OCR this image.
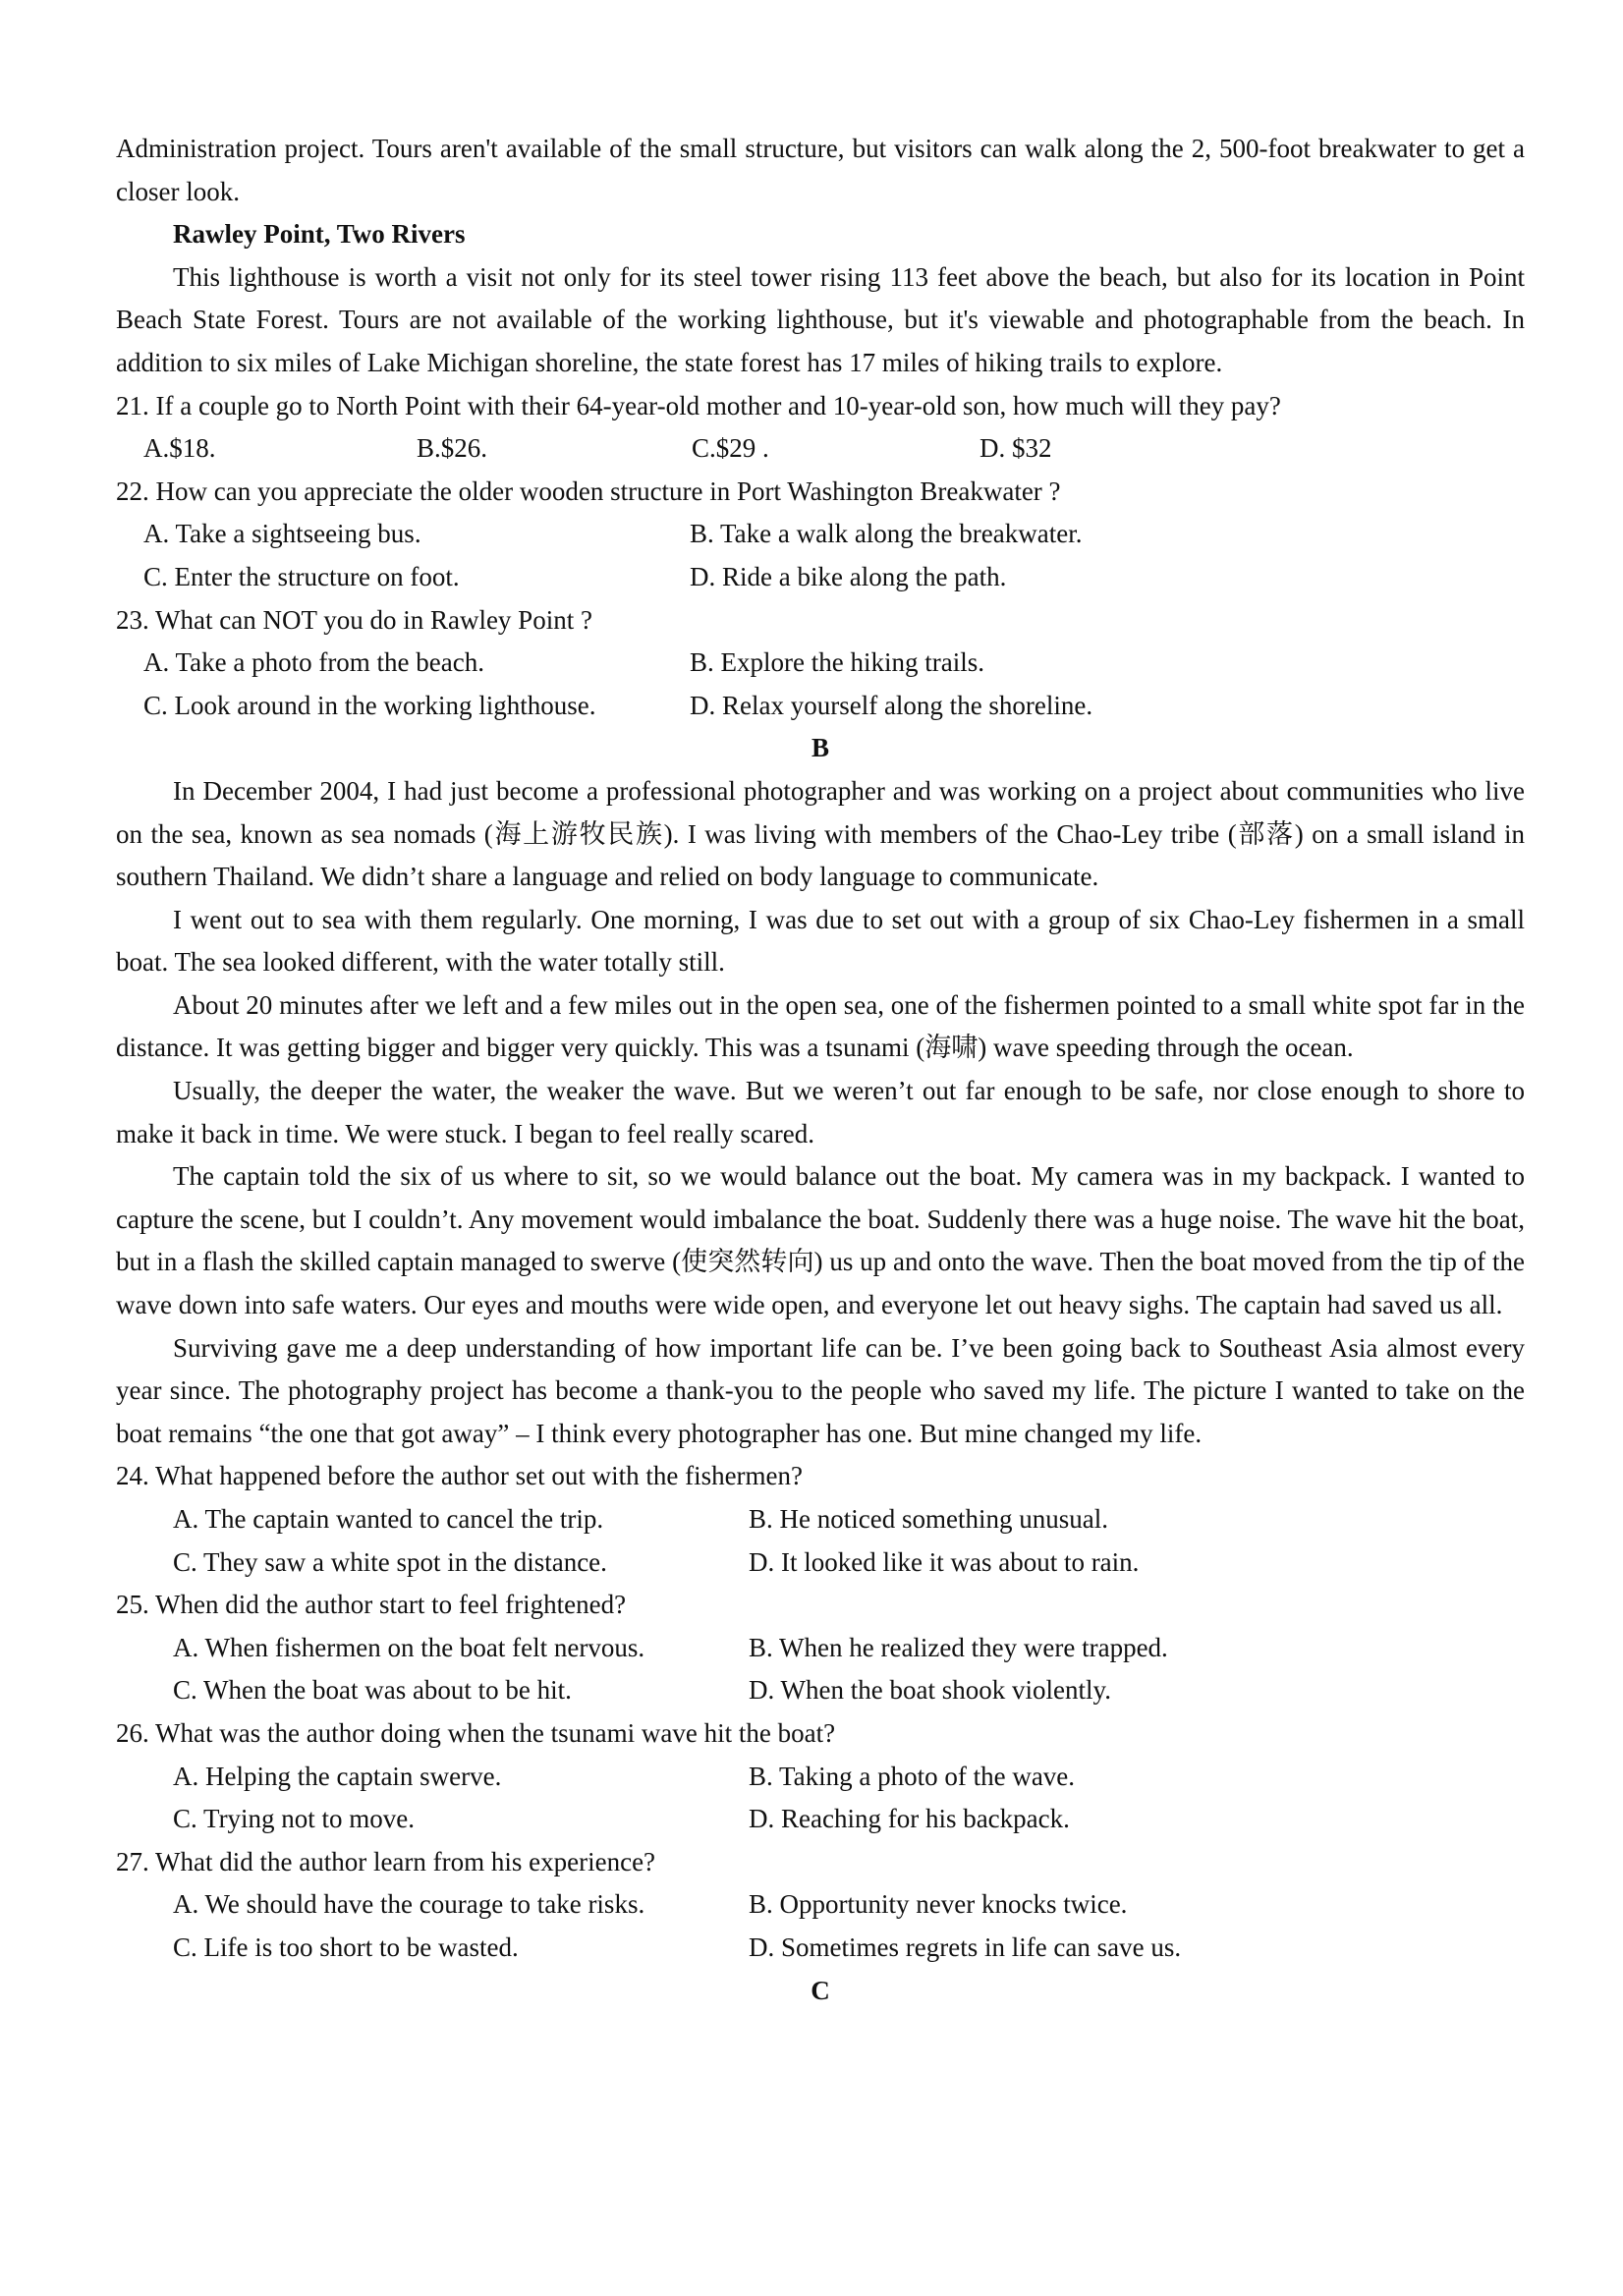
Administration project. Tours aren't available of the small structure, but visitors can walk along the 2, 500-foot breakwater to get a closer look.

Rawley Point, Two Rivers

This lighthouse is worth a visit not only for its steel tower rising 113 feet above the beach, but also for its location in Point Beach State Forest. Tours are not available of the working lighthouse, but it's viewable and photographable from the beach. In addition to six miles of Lake Michigan shoreline, the state forest has 17 miles of hiking trails to explore.

21. If a couple go to North Point with their 64-year-old mother and 10-year-old son, how much will they pay?

A.$18.	B.$26.	C.$29 .	D. $32

22. How can you appreciate the older wooden structure in Port Washington Breakwater ?

A. Take a sightseeing bus.	B. Take a walk along the breakwater.
C. Enter the structure on foot.	D. Ride a bike along the path.

23. What can NOT you do in Rawley Point ?

A. Take a photo from the beach.	B. Explore the hiking trails.
C. Look around in the working lighthouse.	D. Relax yourself along the shoreline.

B

In December 2004, I had just become a professional photographer and was working on a project about communities who live on the sea, known as sea nomads (海上游牧民族). I was living with members of the Chao-Ley tribe (部落) on a small island in southern Thailand. We didn’t share a language and relied on body language to communicate.

I went out to sea with them regularly. One morning, I was due to set out with a group of six Chao-Ley fishermen in a small boat. The sea looked different, with the water totally still.

About 20 minutes after we left and a few miles out in the open sea, one of the fishermen pointed to a small white spot far in the distance. It was getting bigger and bigger very quickly. This was a tsunami (海啸) wave speeding through the ocean.

Usually, the deeper the water, the weaker the wave. But we weren’t out far enough to be safe, nor close enough to shore to make it back in time. We were stuck. I began to feel really scared.

The captain told the six of us where to sit, so we would balance out the boat. My camera was in my backpack. I wanted to capture the scene, but I couldn’t. Any movement would imbalance the boat. Suddenly there was a huge noise. The wave hit the boat, but in a flash the skilled captain managed to swerve (使突然转向) us up and onto the wave. Then the boat moved from the tip of the wave down into safe waters. Our eyes and mouths were wide open, and everyone let out heavy sighs. The captain had saved us all.

Surviving gave me a deep understanding of how important life can be. I’ve been going back to Southeast Asia almost every year since. The photography project has become a thank-you to the people who saved my life. The picture I wanted to take on the boat remains “the one that got away” – I think every photographer has one. But mine changed my life.

24. What happened before the author set out with the fishermen?

A. The captain wanted to cancel the trip.	B. He noticed something unusual.
C. They saw a white spot in the distance.	D. It looked like it was about to rain.

25. When did the author start to feel frightened?

A. When fishermen on the boat felt nervous.	B. When he realized they were trapped.
C. When the boat was about to be hit.	D. When the boat shook violently.

26. What was the author doing when the tsunami wave hit the boat?

A. Helping the captain swerve.	B. Taking a photo of the wave.
C. Trying not to move.	D. Reaching for his backpack.

27. What did the author learn from his experience?

A. We should have the courage to take risks.	B. Opportunity never knocks twice.
C. Life is too short to be wasted.	D. Sometimes regrets in life can save us.

C
